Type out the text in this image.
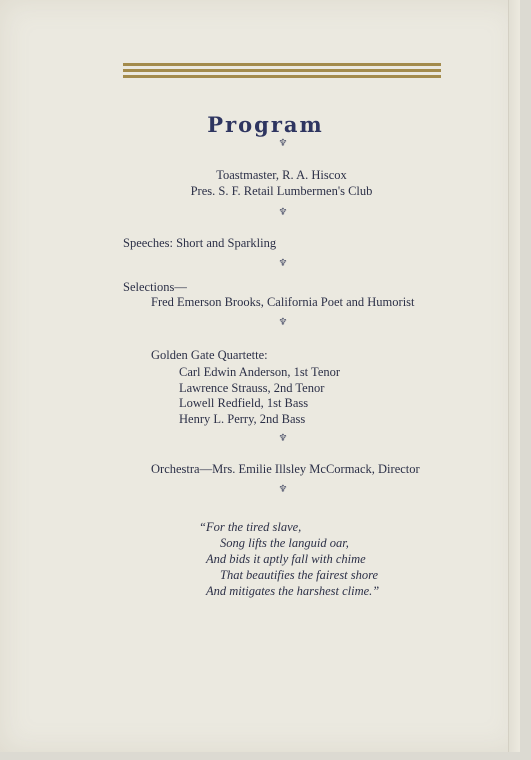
Program
♆
Toastmaster, R. A. Hiscox
Pres. S. F. Retail Lumbermen's Club
♆
Speeches: Short and Sparkling
♆
Selections—
Fred Emerson Brooks, California Poet and Humorist
♆
Golden Gate Quartette:
Carl Edwin Anderson, 1st Tenor
Lawrence Strauss, 2nd Tenor
Lowell Redfield, 1st Bass
Henry L. Perry, 2nd Bass
♆
Orchestra—Mrs. Emilie Illsley McCormack, Director
♆
“For the tired slave,
Song lifts the languid oar,
And bids it aptly fall with chime
That beautifies the fairest shore
And mitigates the harshest clime.”
